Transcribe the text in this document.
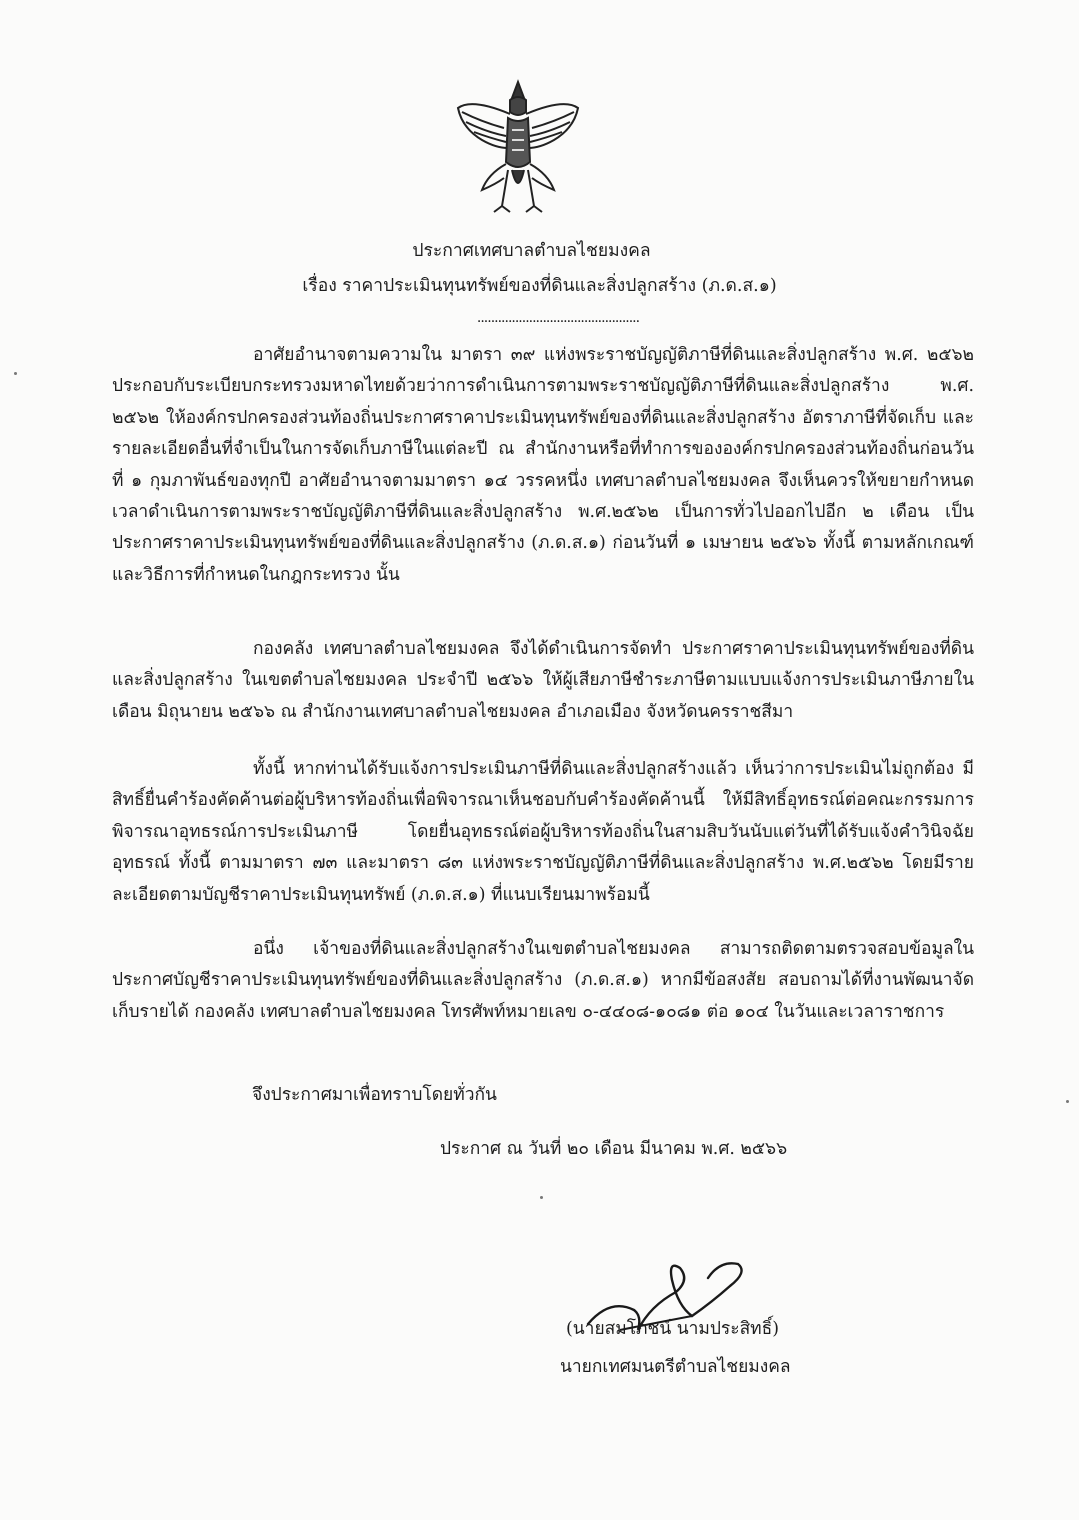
ประกาศเทศบาลตำบลไชยมงคล
เรื่อง ราคาประเมินทุนทรัพย์ของที่ดินและสิ่งปลูกสร้าง (ภ.ด.ส.๑)
...............................................
อาศัยอำนาจตามความใน มาตรา ๓๙ แห่งพระราชบัญญัติภาษีที่ดินและสิ่งปลูกสร้าง พ.ศ. ๒๕๖๒ ประกอบกับระเบียบกระทรวงมหาดไทยด้วยว่าการดำเนินการตามพระราชบัญญัติภาษีที่ดินและสิ่งปลูกสร้าง พ.ศ. ๒๕๖๒ ให้องค์กรปกครองส่วนท้องถิ่นประกาศราคาประเมินทุนทรัพย์ของที่ดินและสิ่งปลูกสร้าง อัตราภาษีที่จัดเก็บ และรายละเอียดอื่นที่จำเป็นในการจัดเก็บภาษีในแต่ละปี ณ สำนักงานหรือที่ทำการขององค์กรปกครองส่วนท้องถิ่นก่อนวันที่ ๑ กุมภาพันธ์ของทุกปี อาศัยอำนาจตามมาตรา ๑๔ วรรคหนึ่ง เทศบาลตำบลไชยมงคล จึงเห็นควรให้ขยายกำหนดเวลาดำเนินการตามพระราชบัญญัติภาษีที่ดินและสิ่งปลูกสร้าง พ.ศ.๒๕๖๒ เป็นการทั่วไปออกไปอีก ๒ เดือน เป็นประกาศราคาประเมินทุนทรัพย์ของที่ดินและสิ่งปลูกสร้าง (ภ.ด.ส.๑) ก่อนวันที่ ๑ เมษายน ๒๕๖๖ ทั้งนี้ ตามหลักเกณฑ์และวิธีการที่กำหนดในกฎกระทรวง นั้น
กองคลัง เทศบาลตำบลไชยมงคล จึงได้ดำเนินการจัดทำ ประกาศราคาประเมินทุนทรัพย์ของที่ดินและสิ่งปลูกสร้าง ในเขตตำบลไชยมงคล ประจำปี ๒๕๖๖ ให้ผู้เสียภาษีชำระภาษีตามแบบแจ้งการประเมินภาษีภายในเดือน มิถุนายน ๒๕๖๖ ณ สำนักงานเทศบาลตำบลไชยมงคล อำเภอเมือง จังหวัดนครราชสีมา
ทั้งนี้ หากท่านได้รับแจ้งการประเมินภาษีที่ดินและสิ่งปลูกสร้างแล้ว เห็นว่าการประเมินไม่ถูกต้อง มีสิทธิ์ยื่นคำร้องคัดค้านต่อผู้บริหารท้องถิ่นเพื่อพิจารณาเห็นชอบกับคำร้องคัดค้านนี้ ให้มีสิทธิ์อุทธรณ์ต่อคณะกรรมการพิจารณาอุทธรณ์การประเมินภาษี โดยยื่นอุทธรณ์ต่อผู้บริหารท้องถิ่นในสามสิบวันนับแต่วันที่ได้รับแจ้งคำวินิจฉัยอุทธรณ์ ทั้งนี้ ตามมาตรา ๗๓ และมาตรา ๘๓ แห่งพระราชบัญญัติภาษีที่ดินและสิ่งปลูกสร้าง พ.ศ.๒๕๖๒ โดยมีรายละเอียดตามบัญชีราคาประเมินทุนทรัพย์ (ภ.ด.ส.๑) ที่แนบเรียนมาพร้อมนี้
อนึ่ง เจ้าของที่ดินและสิ่งปลูกสร้างในเขตตำบลไชยมงคล สามารถติดตามตรวจสอบข้อมูลในประกาศบัญชีราคาประเมินทุนทรัพย์ของที่ดินและสิ่งปลูกสร้าง (ภ.ด.ส.๑) หากมีข้อสงสัย สอบถามได้ที่งานพัฒนาจัดเก็บรายได้ กองคลัง เทศบาลตำบลไชยมงคล โทรศัพท์หมายเลข ๐-๔๔๐๘-๑๐๘๑ ต่อ ๑๐๔ ในวันและเวลาราชการ
จึงประกาศมาเพื่อทราบโดยทั่วกัน
ประกาศ ณ วันที่ ๒๐ เดือน มีนาคม พ.ศ. ๒๕๖๖
(นายสมโภชน์ นามประสิทธิ์)
นายกเทศมนตรีตำบลไชยมงคล
